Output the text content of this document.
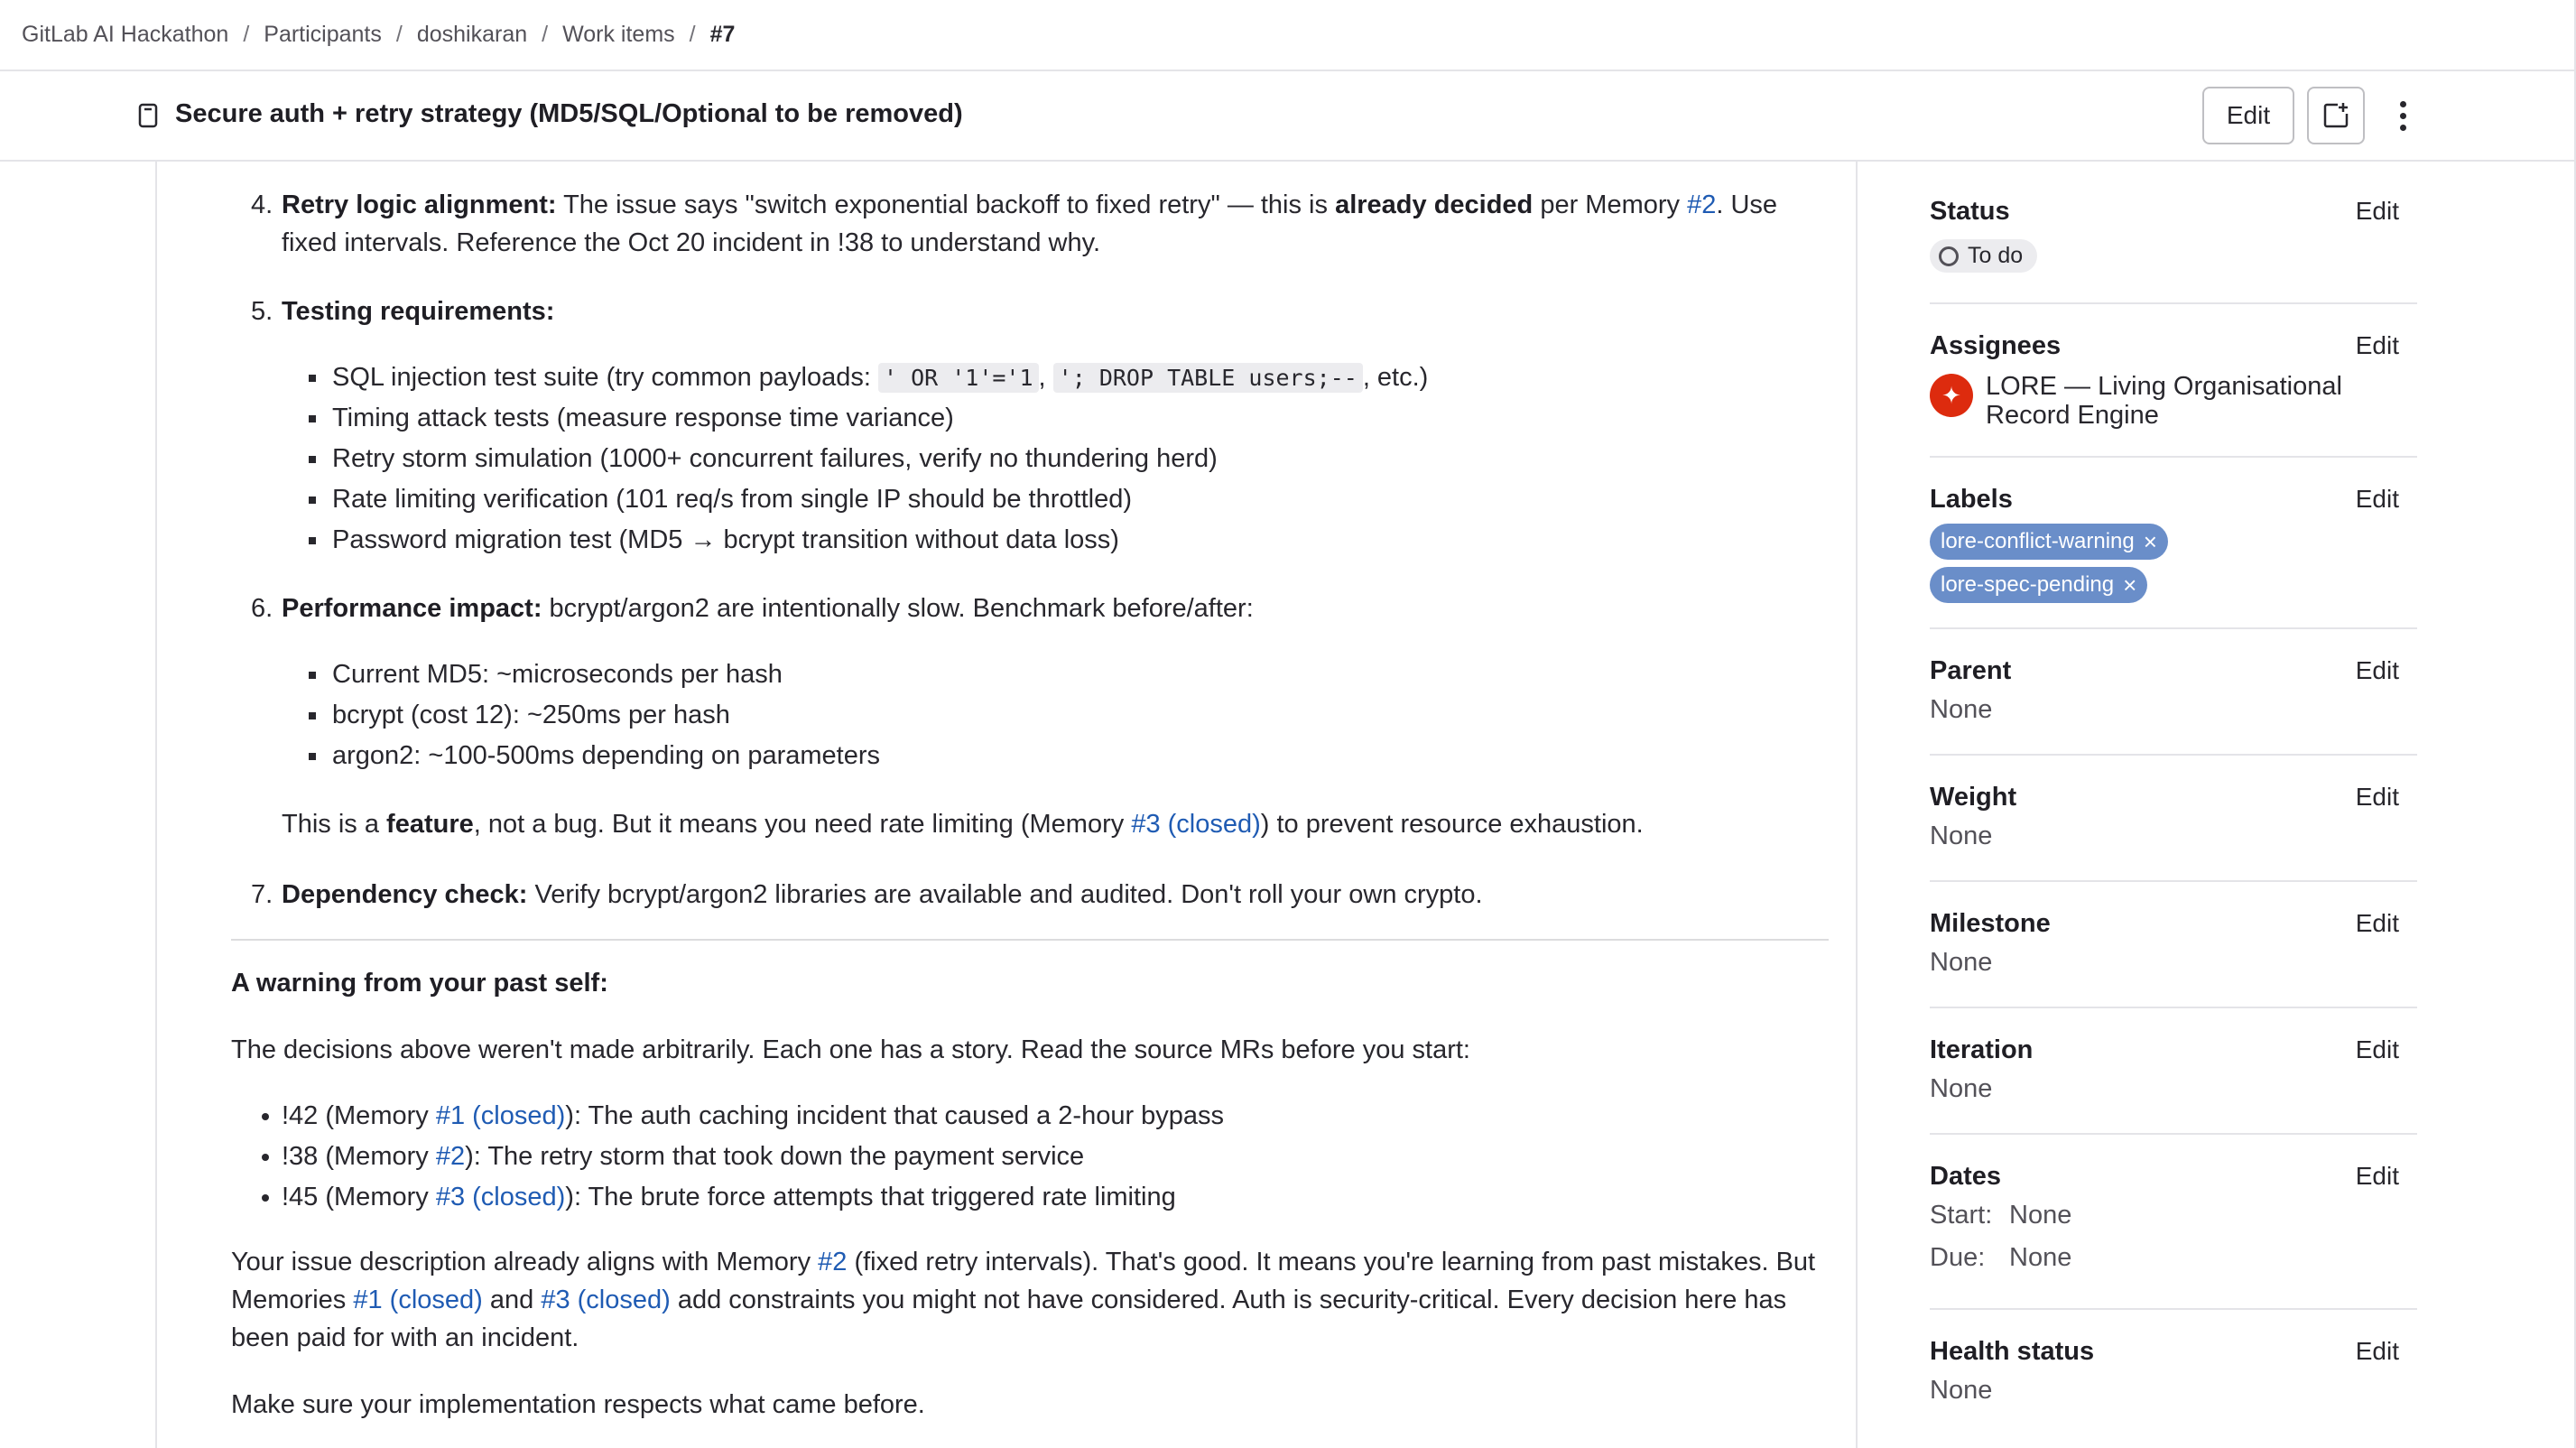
GitLab AI Hackathon / Participants / doshikaran / Work items / #7
Secure auth + retry strategy (MD5/SQL/Optional to be removed)	Edit
4. Retry logic alignment: The issue says "switch exponential backoff to fixed retry" — this is already decided per Memory #2. Use fixed intervals. Reference the Oct 20 incident in !38 to understand why.
5. Testing requirements:
SQL injection test suite (try common payloads: ' OR '1'='1 , '; DROP TABLE users;-- , etc.)
Timing attack tests (measure response time variance)
Retry storm simulation (1000+ concurrent failures, verify no thundering herd)
Rate limiting verification (101 req/s from single IP should be throttled)
Password migration test (MD5 → bcrypt transition without data loss)
6. Performance impact: bcrypt/argon2 are intentionally slow. Benchmark before/after:
Current MD5: ~microseconds per hash
bcrypt (cost 12): ~250ms per hash
argon2: ~100-500ms depending on parameters
This is a feature, not a bug. But it means you need rate limiting (Memory #3 (closed)) to prevent resource exhaustion.
7. Dependency check: Verify bcrypt/argon2 libraries are available and audited. Don't roll your own crypto.
A warning from your past self:
The decisions above weren't made arbitrarily. Each one has a story. Read the source MRs before you start:
!42 (Memory #1 (closed)): The auth caching incident that caused a 2-hour bypass
!38 (Memory #2): The retry storm that took down the payment service
!45 (Memory #3 (closed)): The brute force attempts that triggered rate limiting
Your issue description already aligns with Memory #2 (fixed retry intervals). That's good. It means you're learning from past mistakes. But Memories #1 (closed) and #3 (closed) add constraints you might not have considered. Auth is security-critical. Every decision here has been paid for with an incident.
Make sure your implementation respects what came before.
Status	Edit
To do
Assignees	Edit
✦ LORE — Living Organisational Record Engine
Labels	Edit
lore-conflict-warning ×
lore-spec-pending ×
Parent	Edit
None
Weight	Edit
None
Milestone	Edit
None
Iteration	Edit
None
Dates	Edit
Start: None
Due: None
Health status	Edit
None
